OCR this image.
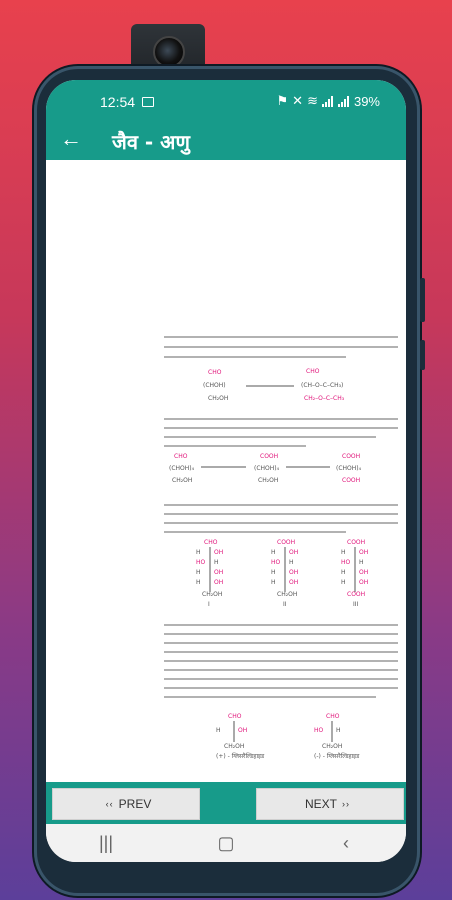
12:54	⚑ ✕ ≋	39%
← जैव - अणु
CHO
(CHOH)
CH₂OH
CHO
(CH–O–C–CH₃)
CH₂–O–C–CH₃
CHO
(CHOH)₄
CH₂OH
COOH
(CHOH)₄
CH₂OH
COOH
(CHOH)₄
COOH
CHO
H OH
HO H
H OH
H OH
CH₂OH
I
COOH
H OH
HO H
H OH
H OH
CH₂OH
II
COOH
H OH
HO H
H OH
H OH
COOH
III
CHO
H	OH
CH₂OH
(+) - ग्लिसरैल्डिहाइड
CHO
HO H
CH₂OH
(-) - ग्लिसरैल्डिहाइड
‹‹ PREV	NEXT ››
|||	▢	‹
